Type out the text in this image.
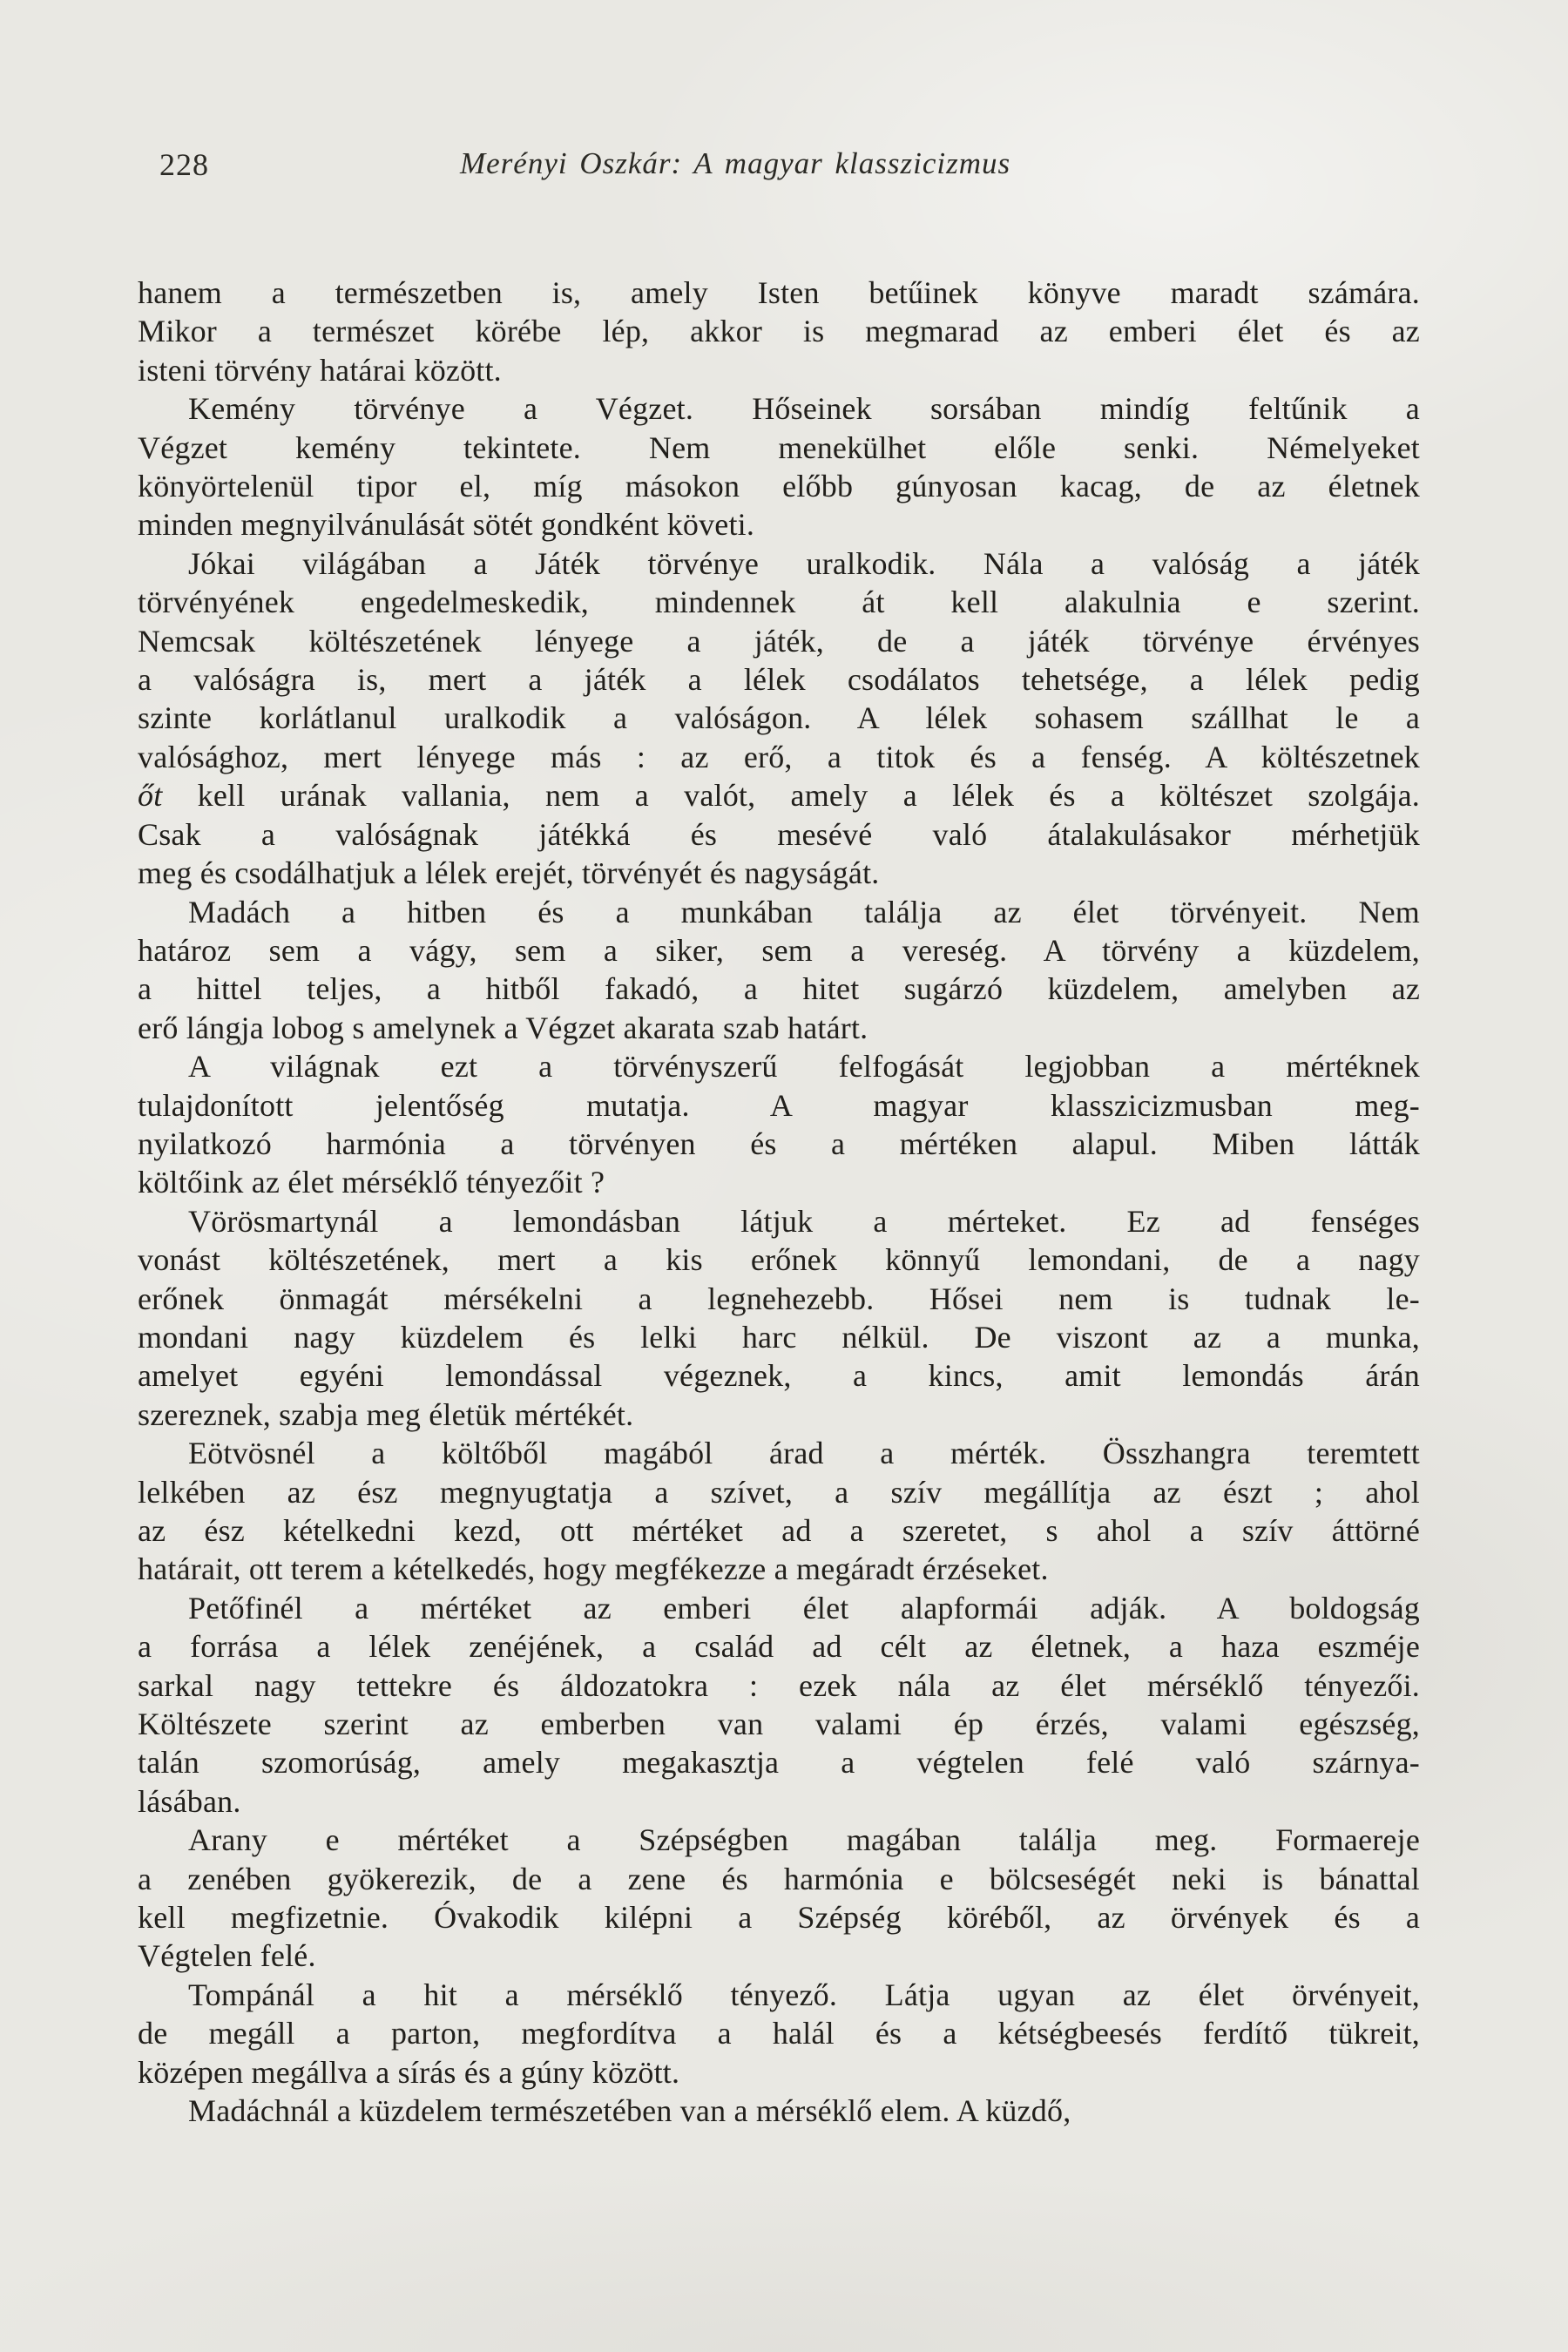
228	Merényi Oszkár: A magyar klasszicizmus
hanem a természetben is, amely Isten betűinek könyve maradt számára.
Mikor a természet körébe lép, akkor is megmarad az emberi élet és az
isteni törvény határai között.
Kemény törvénye a Végzet. Hőseinek sorsában mindíg feltűnik a
Végzet kemény tekintete. Nem menekülhet előle senki. Némelyeket
könyörtelenül tipor el, míg másokon előbb gúnyosan kacag, de az életnek
minden megnyilvánulását sötét gondként követi.
Jókai világában a Játék törvénye uralkodik. Nála a valóság a játék
törvényének engedelmeskedik, mindennek át kell alakulnia e szerint.
Nemcsak költészetének lényege a játék, de a játék törvénye érvényes
a valóságra is, mert a játék a lélek csodálatos tehetsége, a lélek pedig
szinte korlátlanul uralkodik a valóságon. A lélek sohasem szállhat le a
valósághoz, mert lényege más : az erő, a titok és a fenség. A költészetnek
őt kell urának vallania, nem a valót, amely a lélek és a költészet szolgája.
Csak a valóságnak játékká és mesévé való átalakulásakor mérhetjük
meg és csodálhatjuk a lélek erejét, törvényét és nagyságát.
Madách a hitben és a munkában találja az élet törvényeit. Nem
határoz sem a vágy, sem a siker, sem a vereség. A törvény a küzdelem,
a hittel teljes, a hitből fakadó, a hitet sugárzó küzdelem, amelyben az
erő lángja lobog s amelynek a Végzet akarata szab határt.
A világnak ezt a törvényszerű felfogását legjobban a mértéknek
tulajdonított jelentőség mutatja. A magyar klasszicizmusban meg-
nyilatkozó harmónia a törvényen és a mértéken alapul. Miben látták
költőink az élet mérséklő tényezőit ?
Vörösmartynál a lemondásban látjuk a mérteket. Ez ad fenséges
vonást költészetének, mert a kis erőnek könnyű lemondani, de a nagy
erőnek önmagát mérsékelni a legnehezebb. Hősei nem is tudnak le-
mondani nagy küzdelem és lelki harc nélkül. De viszont az a munka,
amelyet egyéni lemondással végeznek, a kincs, amit lemondás árán
szereznek, szabja meg életük mértékét.
Eötvösnél a költőből magából árad a mérték. Összhangra teremtett
lelkében az ész megnyugtatja a szívet, a szív megállítja az észt ; ahol
az ész kételkedni kezd, ott mértéket ad a szeretet, s ahol a szív áttörné
határait, ott terem a kételkedés, hogy megfékezze a megáradt érzéseket.
Petőfinél a mértéket az emberi élet alapformái adják. A boldogság
a forrása a lélek zenéjének, a család ad célt az életnek, a haza eszméje
sarkal nagy tettekre és áldozatokra : ezek nála az élet mérséklő tényezői.
Költészete szerint az emberben van valami ép érzés, valami egészség,
talán szomorúság, amely megakasztja a végtelen felé való szárnya-
lásában.
Arany e mértéket a Szépségben magában találja meg. Formaereje
a zenében gyökerezik, de a zene és harmónia e bölcseségét neki is bánattal
kell megfizetnie. Óvakodik kilépni a Szépség köréből, az örvények és a
Végtelen felé.
Tompánál a hit a mérséklő tényező. Látja ugyan az élet örvényeit,
de megáll a parton, megfordítva a halál és a kétségbeesés ferdítő tükreit,
középen megállva a sírás és a gúny között.
Madáchnál a küzdelem természetében van a mérséklő elem. A küzdő,
